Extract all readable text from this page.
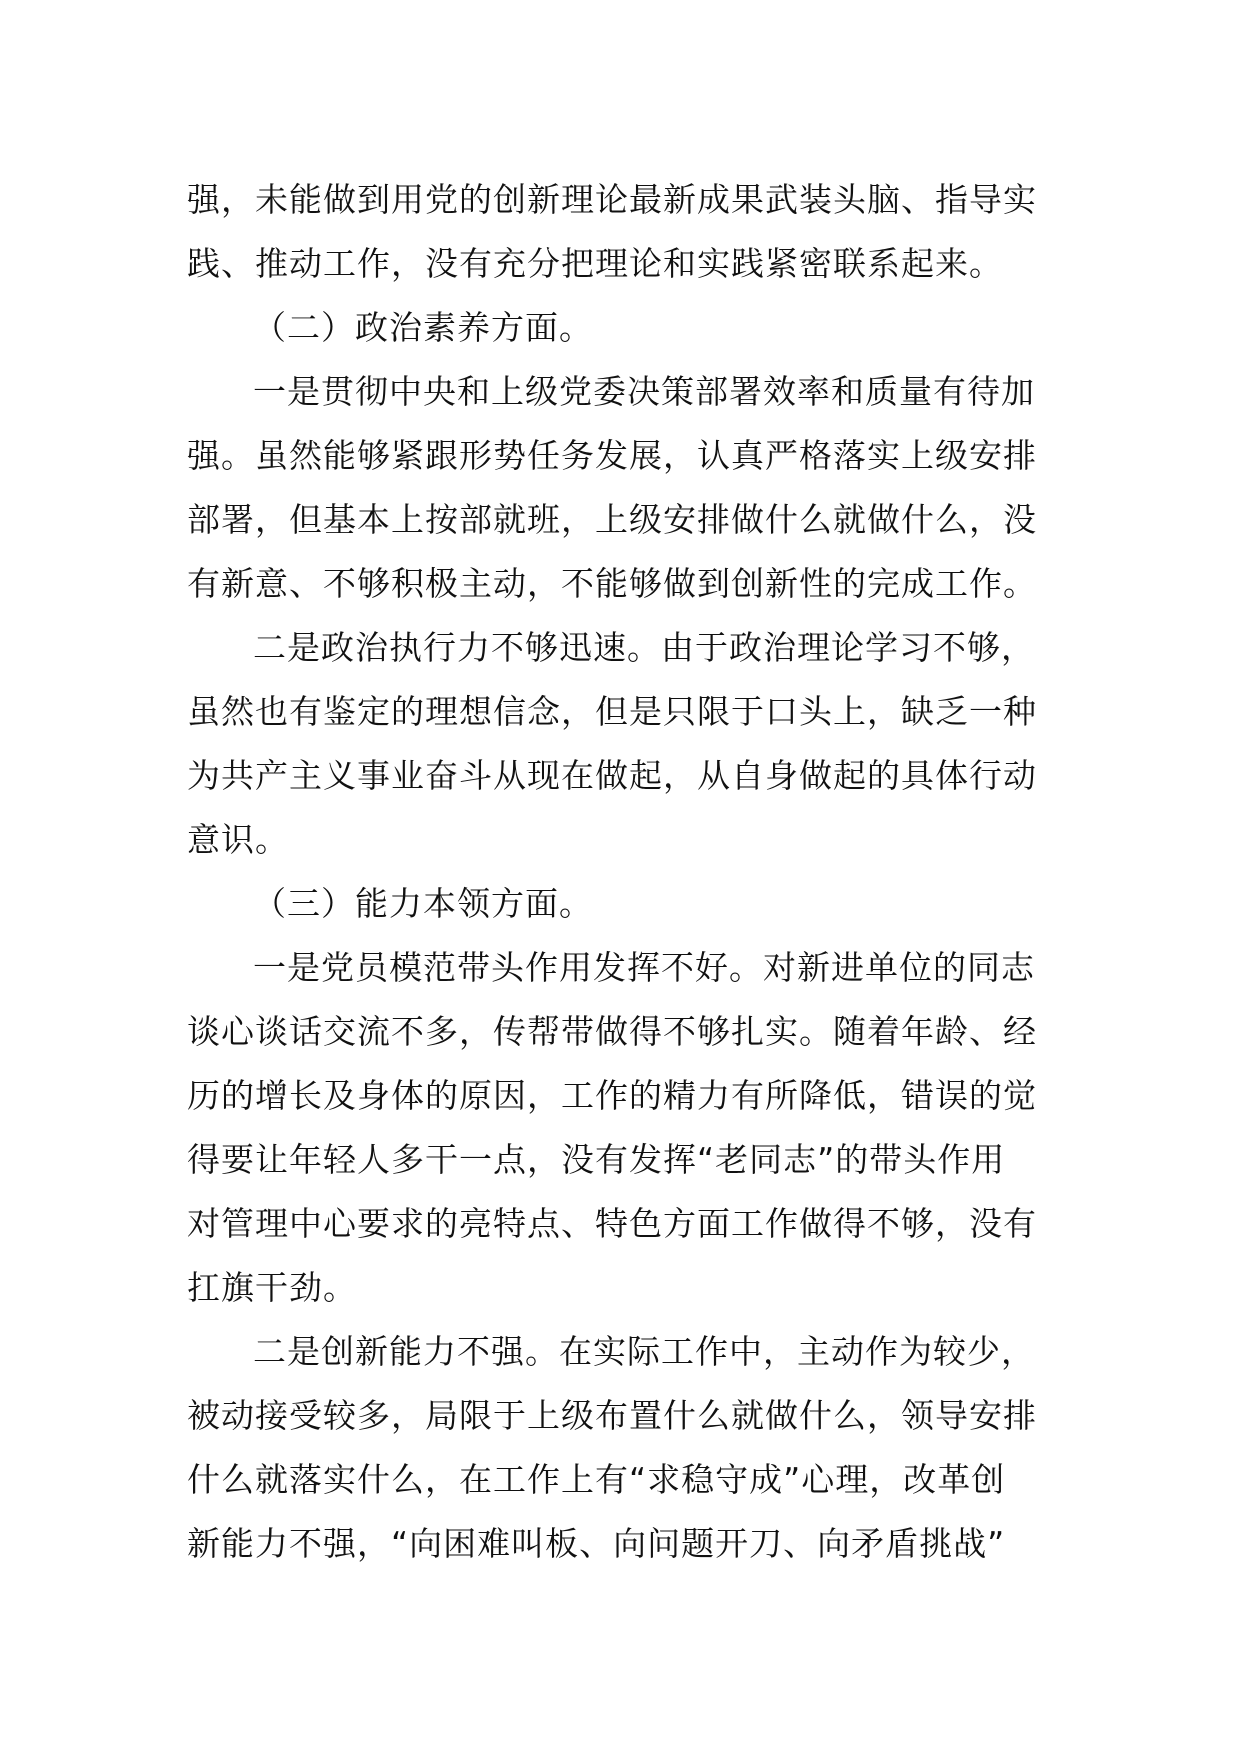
强，未能做到用党的创新理论最新成果武装头脑、指导实
践、推动工作，没有充分把理论和实践紧密联系起来。
（二）政治素养方面。
一是贯彻中央和上级党委决策部署效率和质量有待加
强。虽然能够紧跟形势任务发展，认真严格落实上级安排
部署，但基本上按部就班，上级安排做什么就做什么，没
有新意、不够积极主动，不能够做到创新性的完成工作。
二是政治执行力不够迅速。由于政治理论学习不够，
虽然也有鉴定的理想信念，但是只限于口头上，缺乏一种
为共产主义事业奋斗从现在做起，从自身做起的具体行动
意识。
（三）能力本领方面。
一是党员模范带头作用发挥不好。对新进单位的同志
谈心谈话交流不多，传帮带做得不够扎实。随着年龄、经
历的增长及身体的原因，工作的精力有所降低，错误的觉
得要让年轻人多干一点，没有发挥“老同志”的带头作用
对管理中心要求的亮特点、特色方面工作做得不够，没有
扛旗干劲。
二是创新能力不强。在实际工作中，主动作为较少，
被动接受较多，局限于上级布置什么就做什么，领导安排
什么就落实什么，在工作上有“求稳守成”心理，改革创
新能力不强，“向困难叫板、向问题开刀、向矛盾挑战”
